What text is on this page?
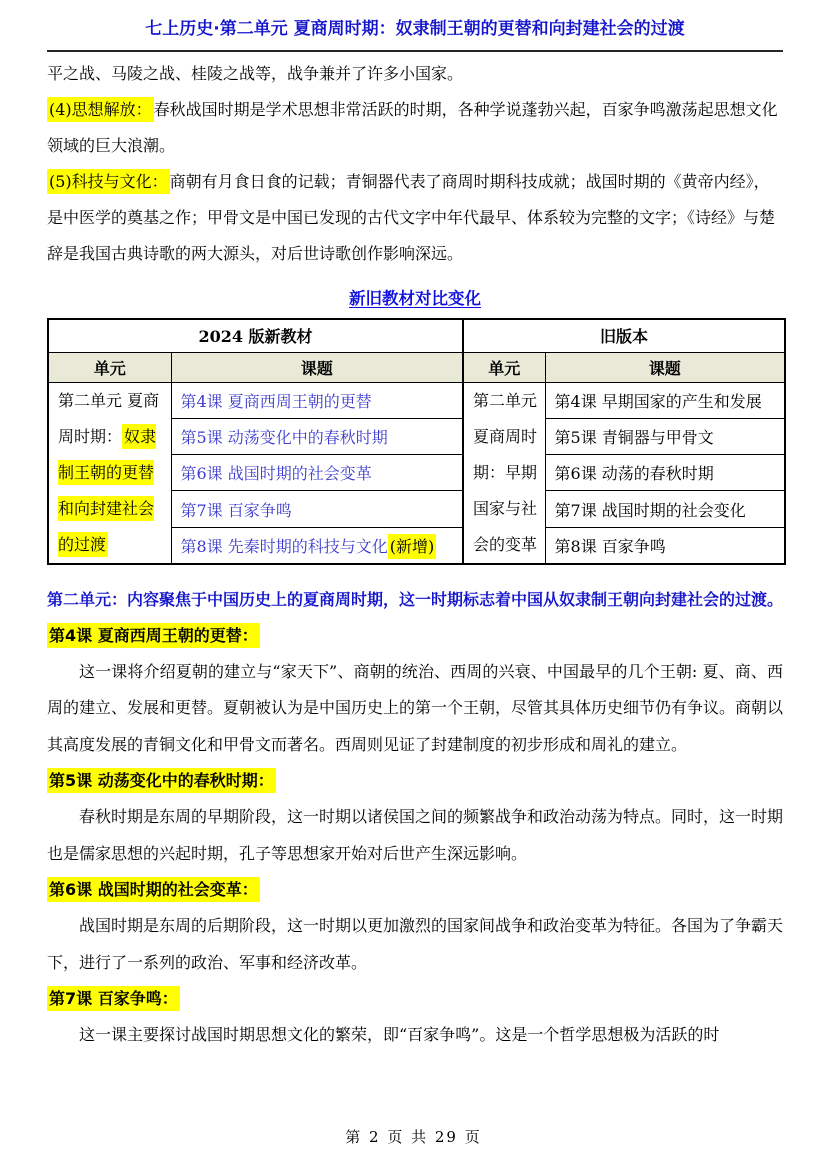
七上历史·第二单元 夏商周时期：奴隶制王朝的更替和向封建社会的过渡

平之战、马陵之战、桂陵之战等，战争兼并了许多小国家。

(4)思想解放： 春秋战国时期是学术思想非常活跃的时期，各种学说蓬勃兴起，百家争鸣激荡起思想文化领域的巨大浪潮。

(5)科技与文化： 商朝有月食日食的记载；青铜器代表了商周时期科技成就；战国时期的《黄帝内经》，是中医学的奠基之作；甲骨文是中国已发现的古代文字中年代最早、体系较为完整的文字；《诗经》与楚辞是我国古典诗歌的两大源头，对后世诗歌创作影响深远。

新旧教材对比变化
2024 版新教材		旧版本	
单元	课题	单元	课题
第二单元 夏商周时期： 奴隶制王朝的更替和向封建社会的过渡	第4课 夏商西周王朝的更替	第二单元夏商周时期：早期国家与社会的变革	第4课 早期国家的产生和发展
	第5课 动荡变化中的春秋时期		第5课 青铜器与甲骨文
	第6课 战国时期的社会变革		第6课 动荡的春秋时期
	第7课 百家争鸣		第7课 战国时期的社会变化
	第8课 先秦时期的科技与文化 (新增)		第8课 百家争鸣

第二单元：内容聚焦于中国历史上的夏商周时期，这一时期标志着中国从奴隶制王朝向封建社会的过渡。

第4课 夏商西周王朝的更替：

这一课将介绍夏朝的建立与“家天下”、商朝的统治、西周的兴衰、中国最早的几个王朝: 夏、商、西周的建立、发展和更替。夏朝被认为是中国历史上的第一个王朝，尽管其具体历史细节仍有争议。商朝以其高度发展的青铜文化和甲骨文而著名。西周则见证了封建制度的初步形成和周礼的建立。

第5课 动荡变化中的春秋时期：

春秋时期是东周的早期阶段，这一时期以诸侯国之间的频繁战争和政治动荡为特点。同时，这一时期也是儒家思想的兴起时期，孔子等思想家开始对后世产生深远影响。

第6课 战国时期的社会变革：

战国时期是东周的后期阶段，这一时期以更加激烈的国家间战争和政治变革为特征。各国为了争霸天下，进行了一系列的政治、军事和经济改革。

第7课 百家争鸣：

这一课主要探讨战国时期思想文化的繁荣，即“百家争鸣”。这是一个哲学思想极为活跃的时

第 2 页 共 29 页
